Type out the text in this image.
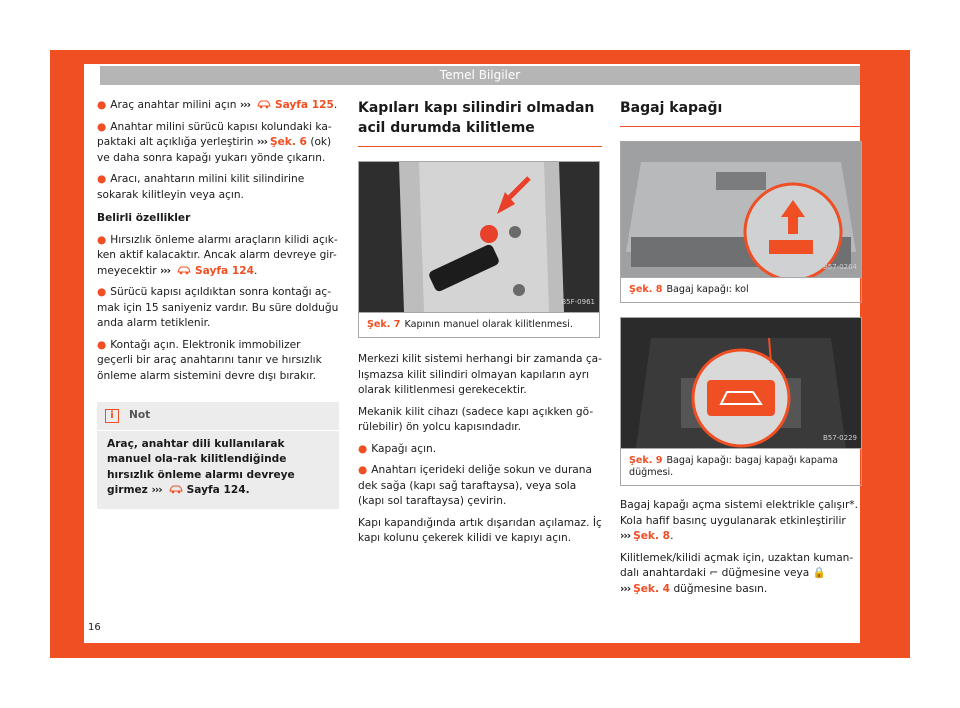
Temel Bilgiler

● Araç anahtar milini açın ››› Sayfa 125.

● Anahtar milini sürücü kapısı kolundaki ka-paktaki alt açıklığa yerleştirin ››› Şek. 6 (ok) ve daha sonra kapağı yukarı yönde çıkarın.

● Aracı, anahtarın milini kilit silindirine sokarak kilitleyin veya açın.

Belirli özellikler

● Hırsızlık önleme alarmı araçların kilidi açık-ken aktif kalacaktır. Ancak alarm devreye gir-meyecektir ››› Sayfa 124.

● Sürücü kapısı açıldıktan sonra kontağı aç-mak için 15 saniyeniz vardır. Bu süre dolduğu anda alarm tetiklenir.

● Kontağı açın. Elektronik immobilizer geçerli bir araç anahtarını tanır ve hırsızlık önleme alarm sistemini devre dışı bırakır.

i	Not
Araç, anahtar dili kullanılarak manuel ola-rak kilitlendiğinde hırsızlık önleme alarmı devreye girmez ››› Sayfa 124.
Kapıları kapı silindiri olmadan acil durumda kilitleme
B5F-0961
Şek. 7 Kapının manuel olarak kilitlenmesi.

Merkezi kilit sistemi herhangi bir zamanda ça-lışmazsa kilit silindiri olmayan kapıların ayrı olarak kilitlenmesi gerekecektir.

Mekanik kilit cihazı (sadece kapı açıkken gö-rülebilir) ön yolcu kapısındadır.

● Kapağı açın.

● Anahtarı içerideki deliğe sokun ve durana dek sağa (kapı sağ taraftaysa), veya sola (kapı sol taraftaysa) çevirin.

Kapı kapandığında artık dışarıdan açılamaz. İç kapı kolunu çekerek kilidi ve kapıyı açın.

Bagaj kapağı
B57-0264
Şek. 8 Bagaj kapağı: kol
B57-0229
Şek. 9 Bagaj kapağı: bagaj kapağı kapama düğmesi.

Bagaj kapağı açma sistemi elektrikle çalışır*. Kola hafif basınç uygulanarak etkinleştirilir ››› Şek. 8.

Kilitlemek/kilidi açmak için, uzaktan kuman-dalı anahtardaki ⌐ düğmesine veya 🔒 ››› Şek. 4 düğmesine basın.

16
